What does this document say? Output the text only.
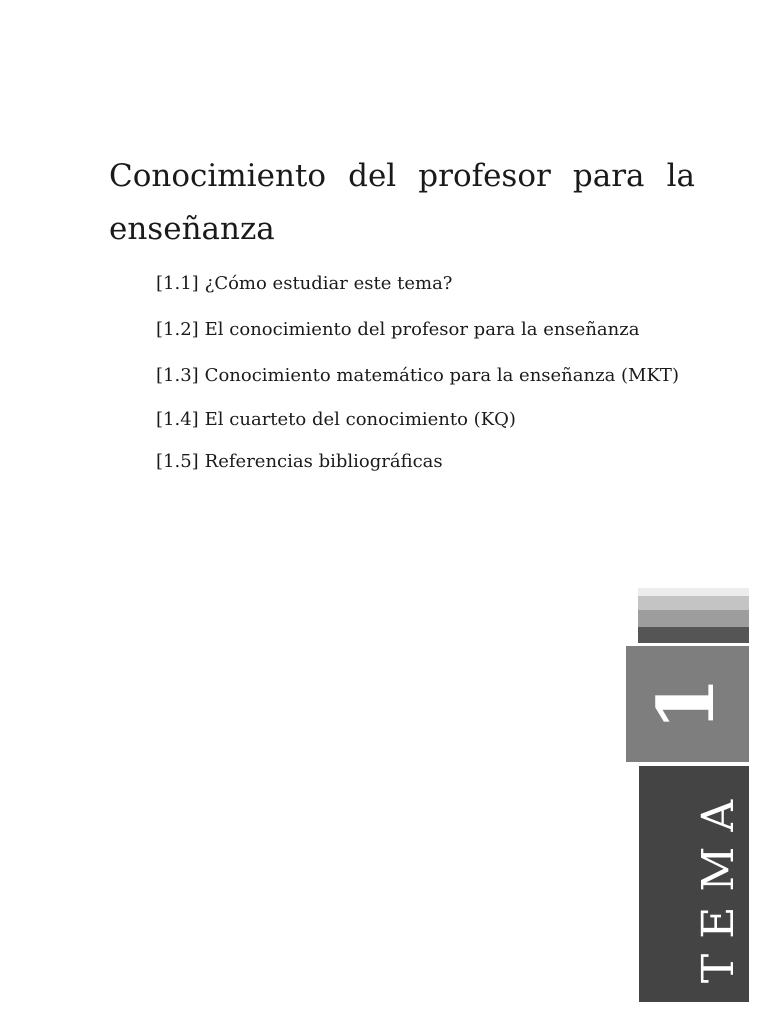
Conocimiento del profesor para la enseñanza
[1.1] ¿Cómo estudiar este tema?
[1.2] El conocimiento del profesor para la enseñanza
[1.3] Conocimiento matemático para la enseñanza (MKT)
[1.4] El cuarteto del conocimiento (KQ)
[1.5] Referencias bibliográficas
1
TEMA
